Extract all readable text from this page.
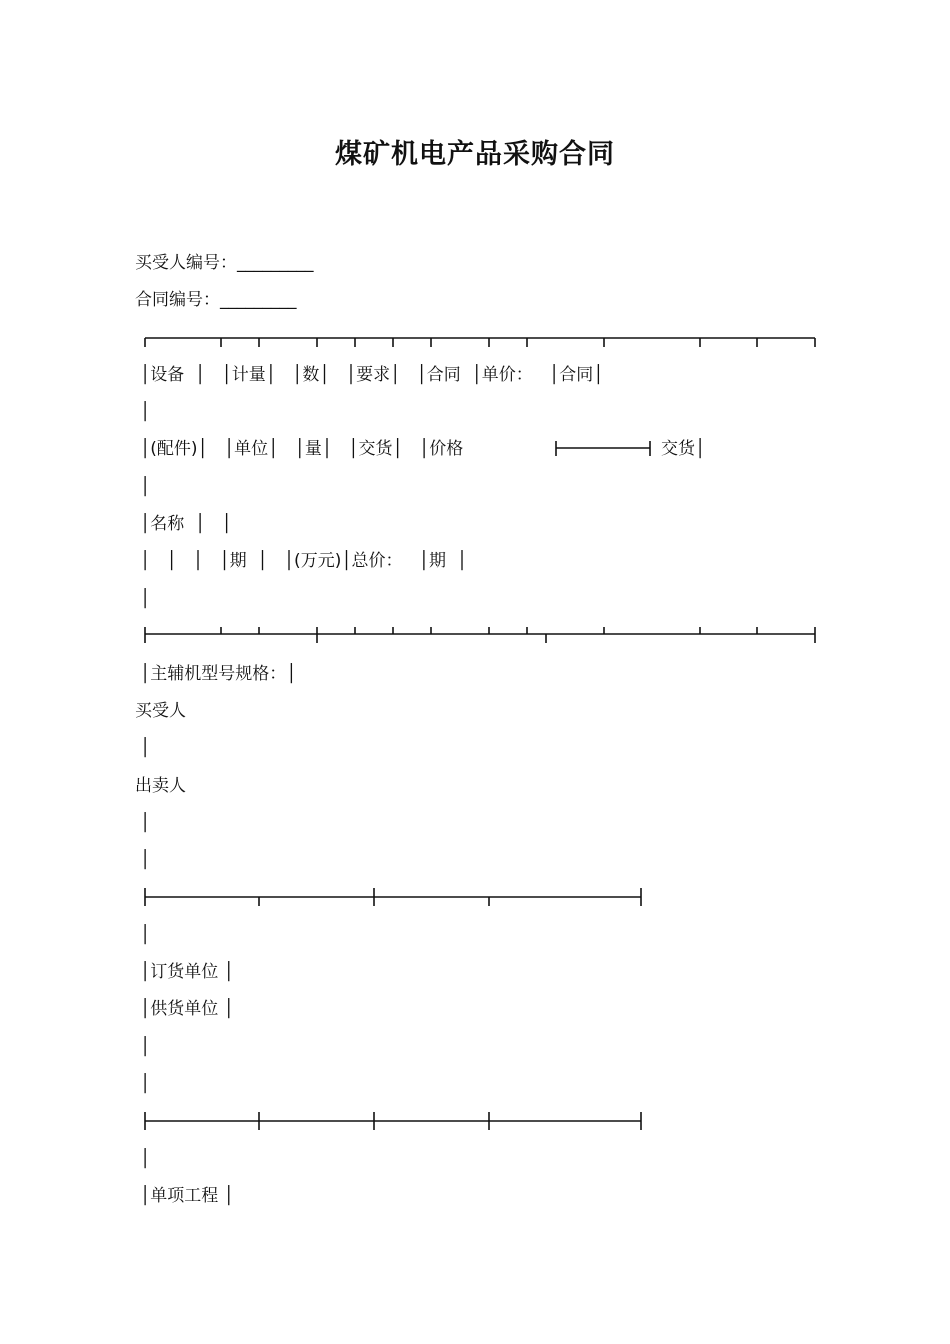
煤矿机电产品采购合同
买受人编号：_________
合同编号：_________
│设备  │   │计量│   │数│   │要求│   │合同  │单价：   │合同│
│
│(配件)│   │单位│   │量│   │交货│   │价格	交货│
│
│名称  │   │
│   │   │   │期  │   │(万元)│总价：   │期  │
│
│主辅机型号规格：│
买受人
│
出卖人
│
│
│
│订货单位 │
│供货单位 │
│
│
│
│单项工程 │
